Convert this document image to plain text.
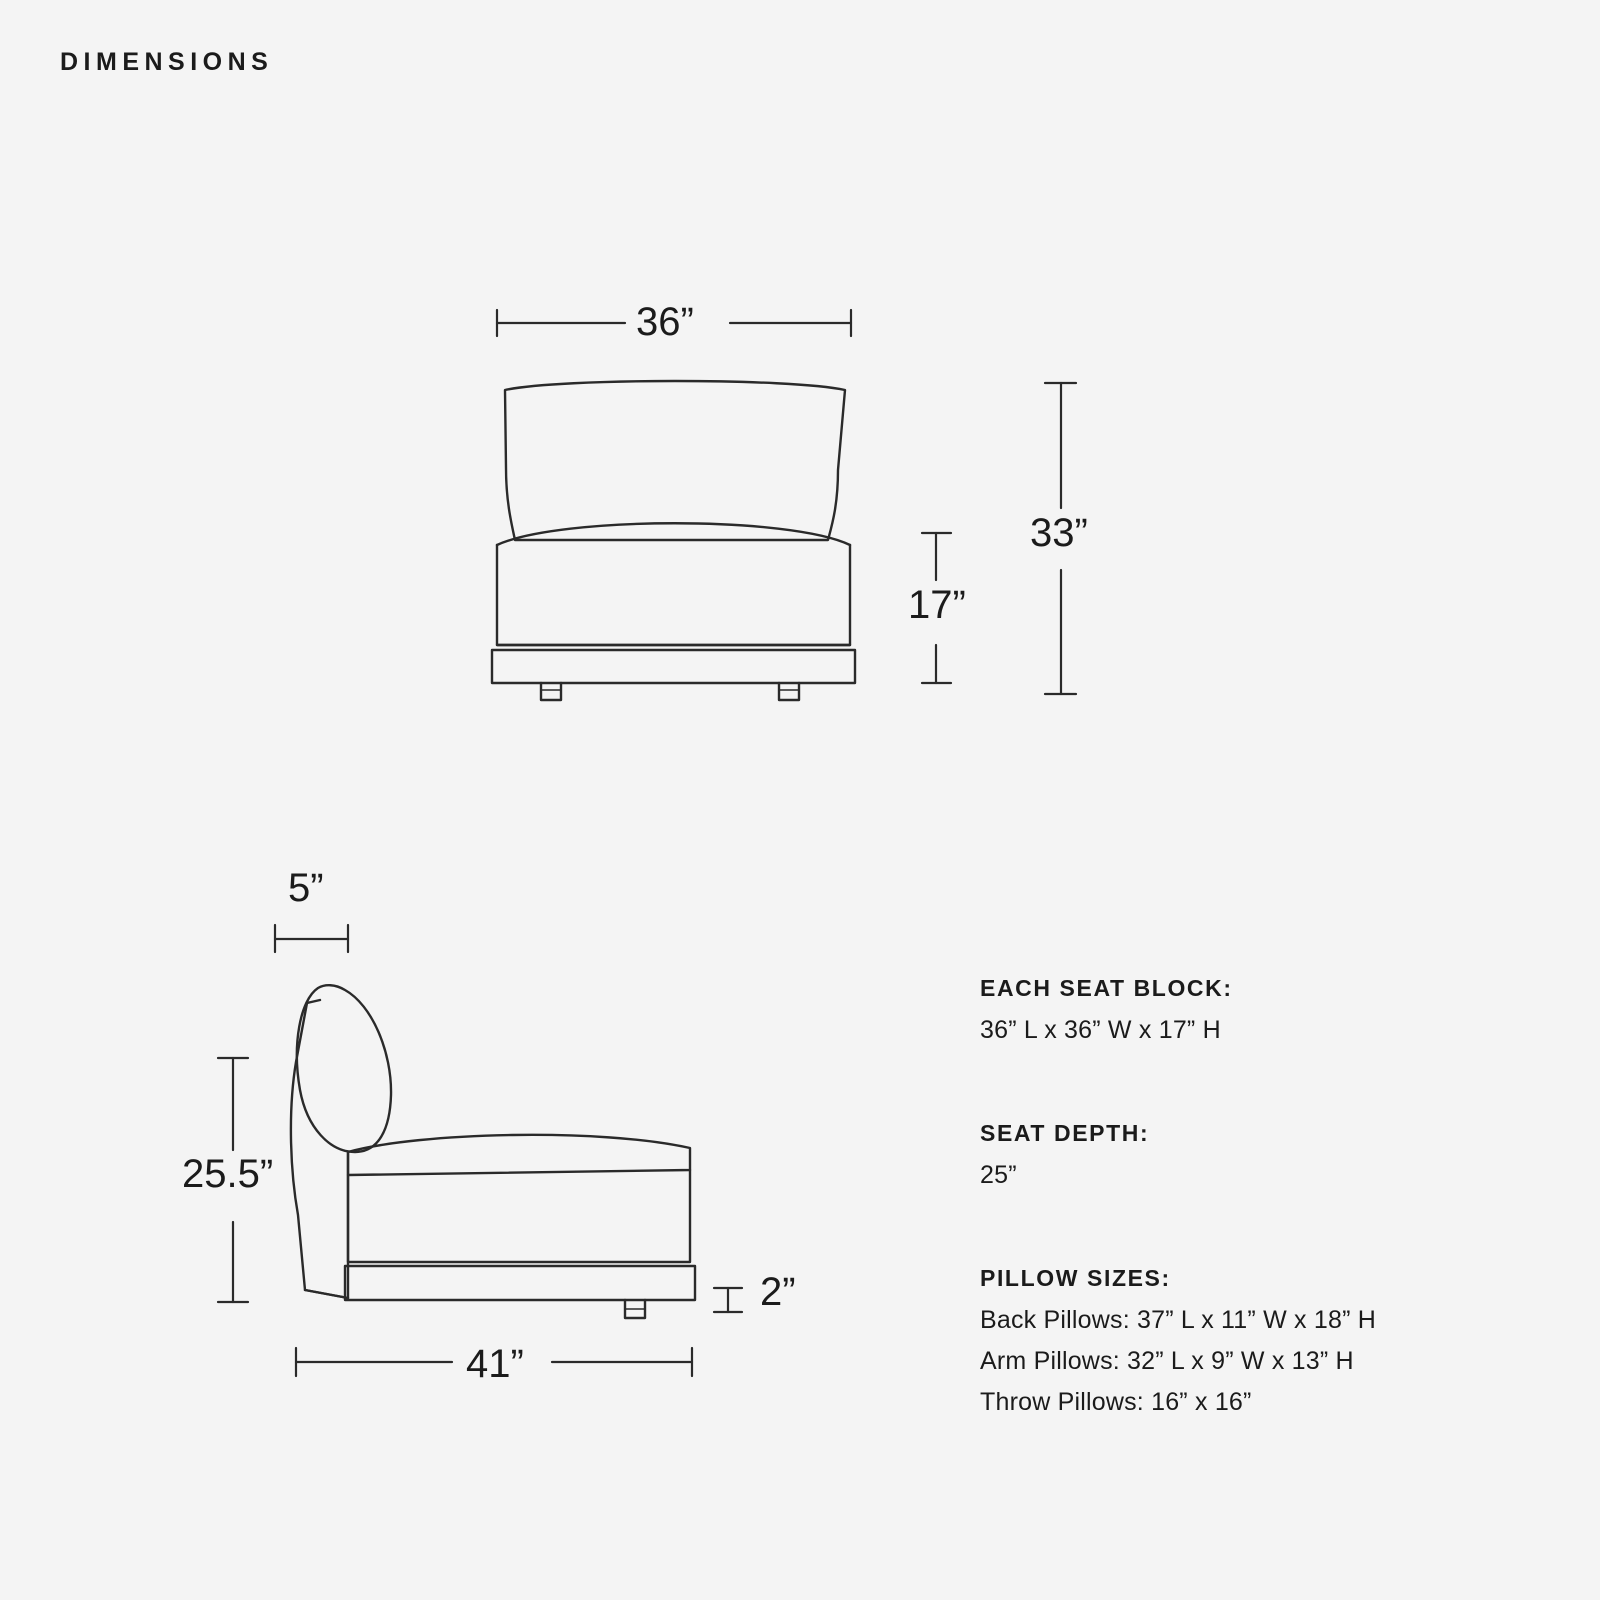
DIMENSIONS
36”
17”
33”
5”
25.5”
2”
41”
EACH SEAT BLOCK:
36” L x 36” W x 17” H
SEAT DEPTH:
25”
PILLOW SIZES:
Back Pillows: 37” L x 11” W x 18” H
Arm Pillows: 32” L x 9” W x 13” H
Throw Pillows: 16” x 16”
